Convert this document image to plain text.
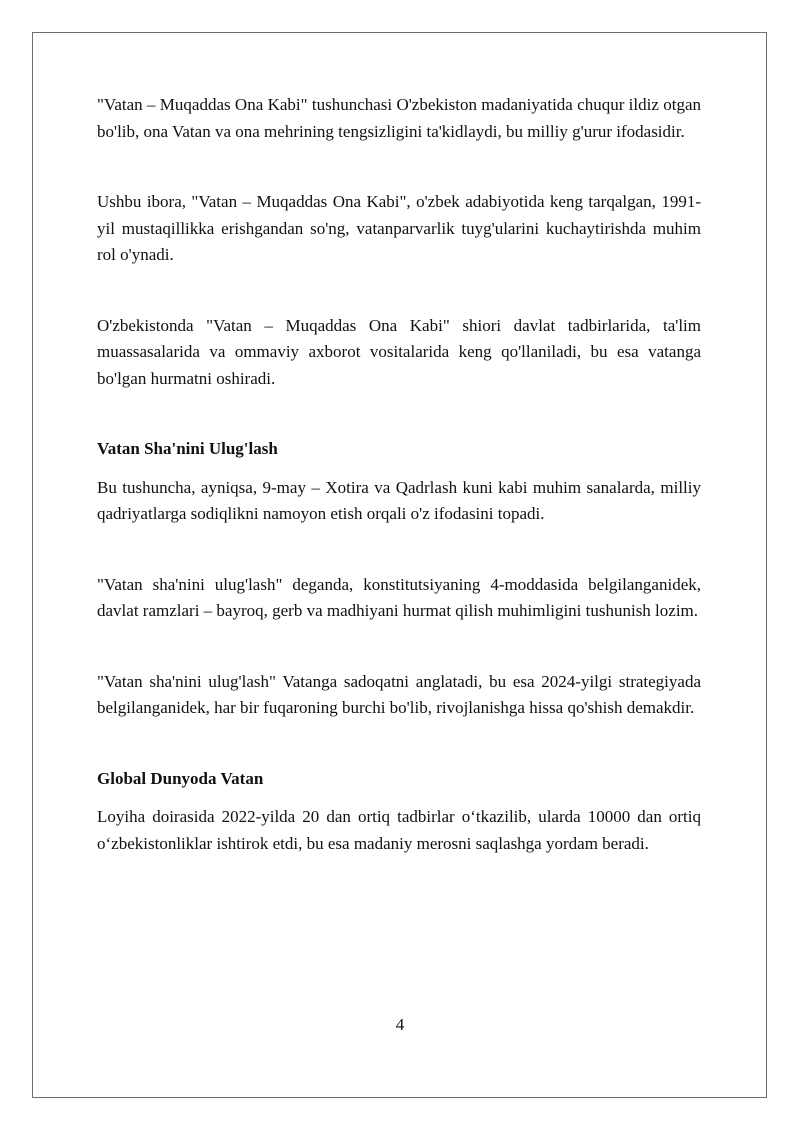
"Vatan – Muqaddas Ona Kabi" tushunchasi O'zbekiston madaniyatida chuqur ildiz otgan bo'lib, ona Vatan va ona mehrining tengsizligini ta'kidlaydi, bu milliy g'urur ifodasidir.

Ushbu ibora, "Vatan – Muqaddas Ona Kabi", o'zbek adabiyotida keng tarqalgan, 1991-yil mustaqillikka erishgandan so'ng, vatanparvarlik tuyg'ularini kuchaytirishda muhim rol o'ynadi.

O'zbekistonda "Vatan – Muqaddas Ona Kabi" shiori davlat tadbirlarida, ta'lim muassasalarida va ommaviy axborot vositalarida keng qo'llaniladi, bu esa vatanga bo'lgan hurmatni oshiradi.

Vatan Sha'nini Ulug'lash

Bu tushuncha, ayniqsa, 9-may – Xotira va Qadrlash kuni kabi muhim sanalarda, milliy qadriyatlarga sodiqlikni namoyon etish orqali o'z ifodasini topadi.

"Vatan sha'nini ulug'lash" deganda, konstitutsiyaning 4-moddasida belgilanganidek, davlat ramzlari – bayroq, gerb va madhiyani hurmat qilish muhimligini tushunish lozim.

"Vatan sha'nini ulug'lash" Vatanga sadoqatni anglatadi, bu esa 2024-yilgi strategiyada belgilanganidek, har bir fuqaroning burchi bo'lib, rivojlanishga hissa qo'shish demakdir.

Global Dunyoda Vatan

Loyiha doirasida 2022-yilda 20 dan ortiq tadbirlar o‘tkazilib, ularda 10000 dan ortiq o‘zbekistonliklar ishtirok etdi, bu esa madaniy merosni saqlashga yordam beradi.

4
